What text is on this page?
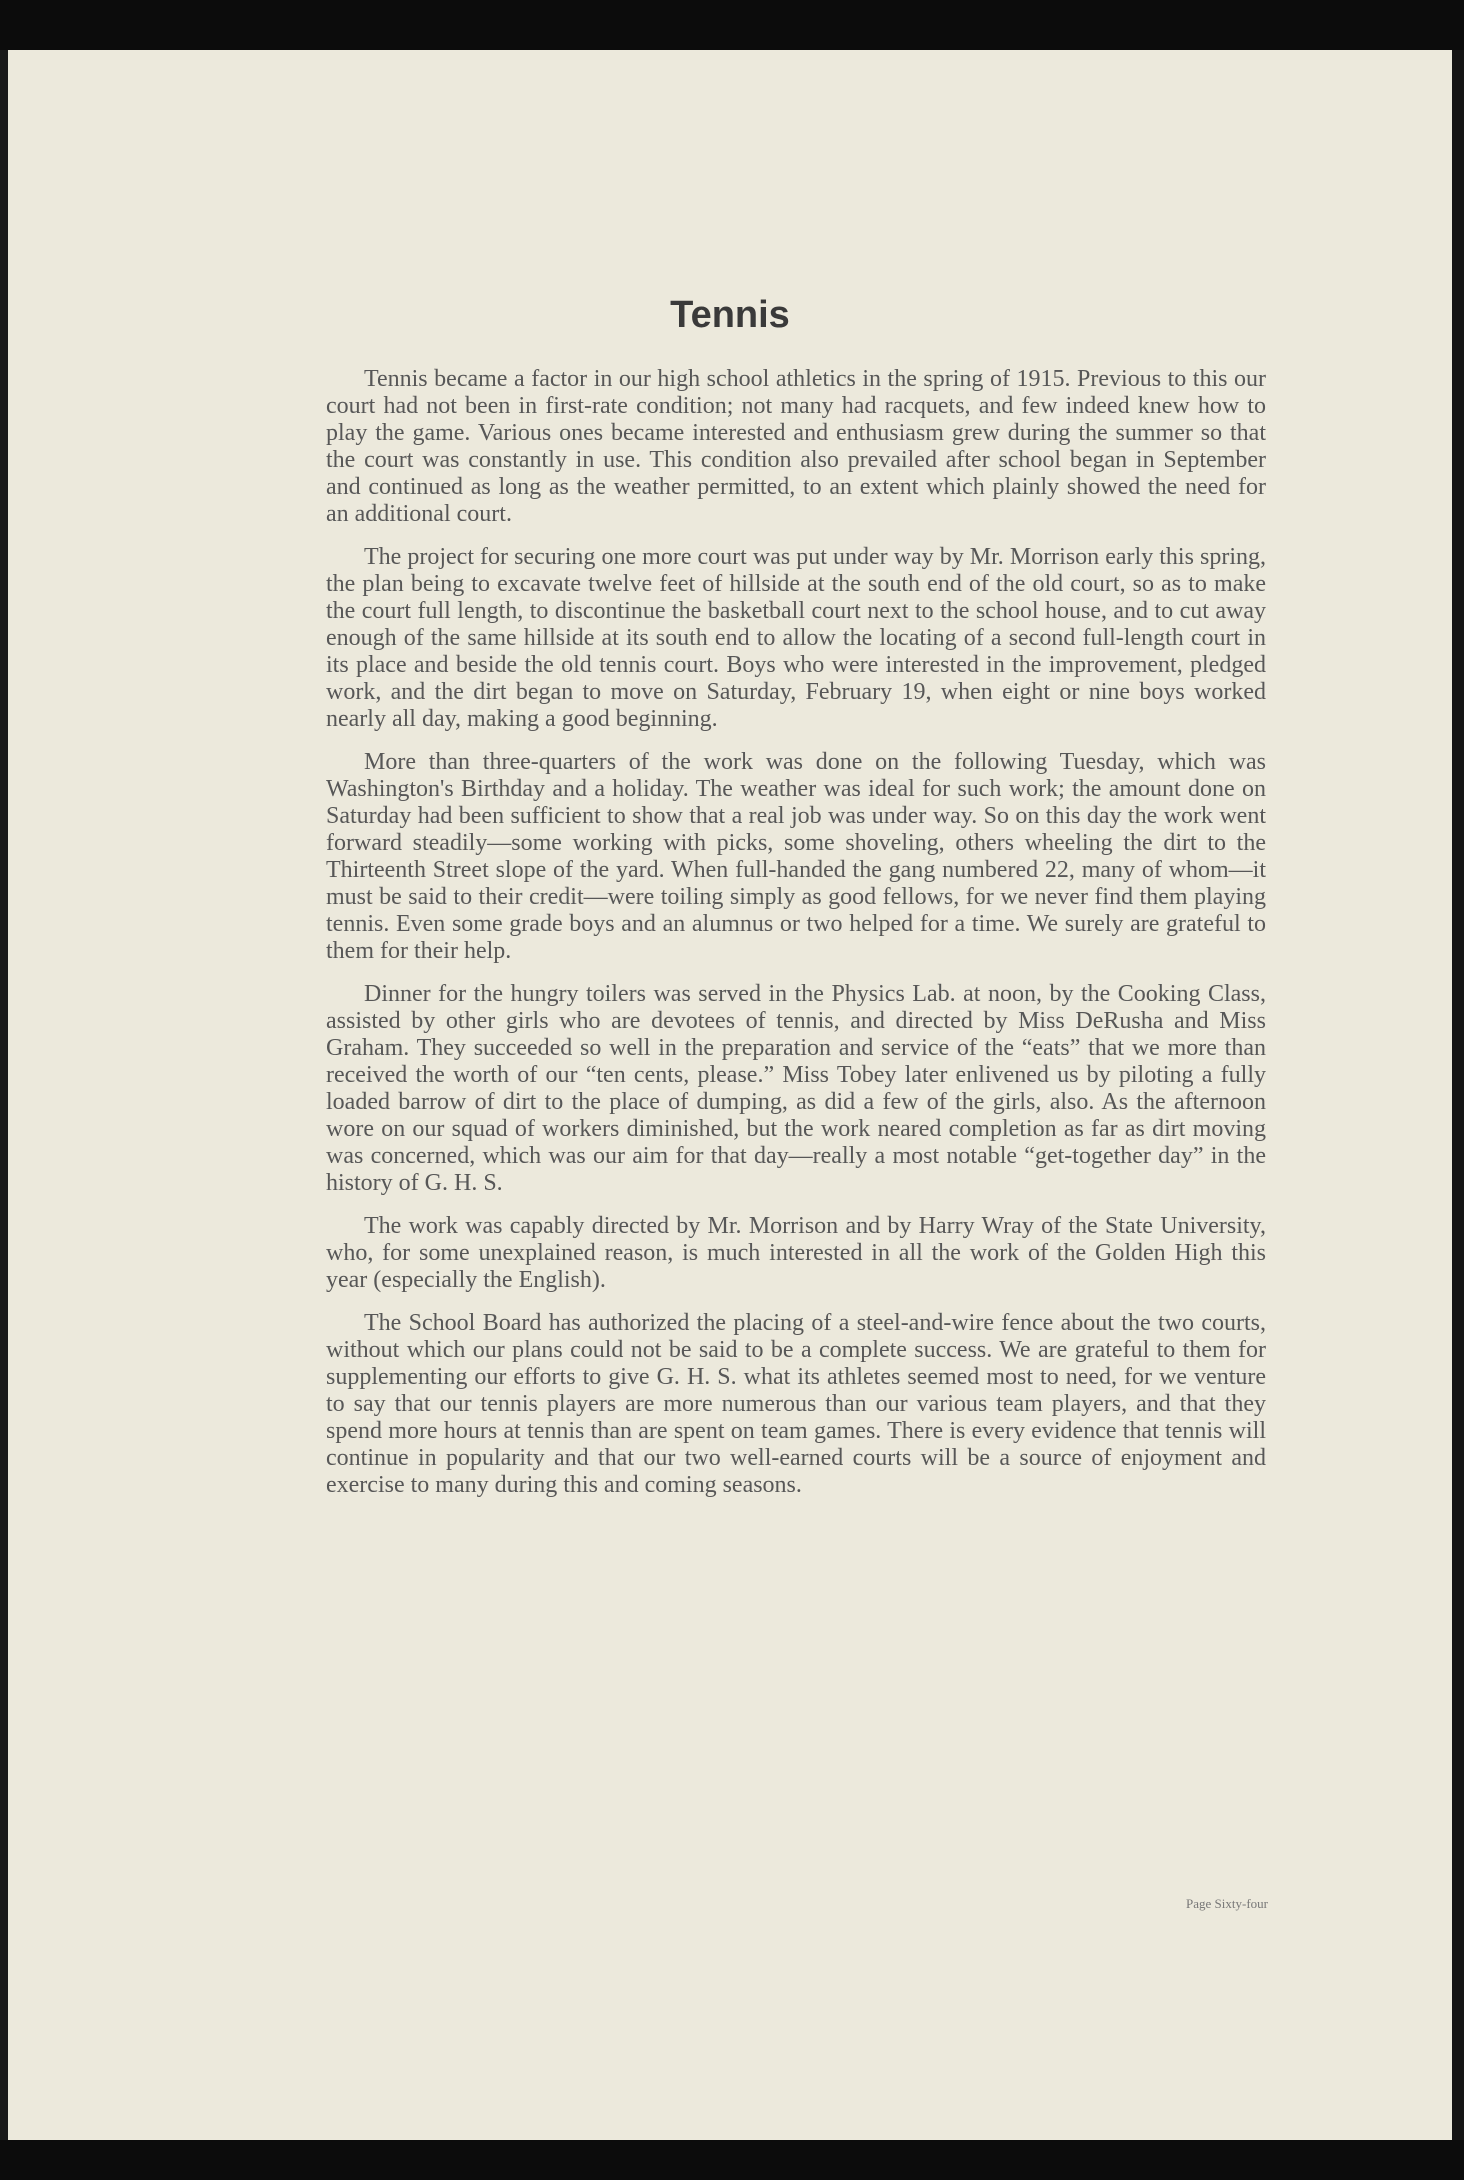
Tennis

Tennis became a factor in our high school athletics in the spring of 1915. Previous to this our court had not been in first-rate condition; not many had racquets, and few indeed knew how to play the game. Various ones became interested and enthusiasm grew during the summer so that the court was constantly in use. This condition also prevailed after school began in September and continued as long as the weather permitted, to an extent which plainly showed the need for an additional court.

The project for securing one more court was put under way by Mr. Morrison early this spring, the plan being to excavate twelve feet of hillside at the south end of the old court, so as to make the court full length, to discontinue the basketball court next to the school house, and to cut away enough of the same hillside at its south end to allow the locating of a second full-length court in its place and beside the old tennis court. Boys who were interested in the improvement, pledged work, and the dirt began to move on Saturday, February 19, when eight or nine boys worked nearly all day, making a good beginning.

More than three-quarters of the work was done on the following Tuesday, which was Washington's Birthday and a holiday. The weather was ideal for such work; the amount done on Saturday had been sufficient to show that a real job was under way. So on this day the work went forward steadily—some working with picks, some shoveling, others wheeling the dirt to the Thirteenth Street slope of the yard. When full-handed the gang numbered 22, many of whom—it must be said to their credit—were toiling simply as good fellows, for we never find them playing tennis. Even some grade boys and an alumnus or two helped for a time. We surely are grateful to them for their help.

Dinner for the hungry toilers was served in the Physics Lab. at noon, by the Cooking Class, assisted by other girls who are devotees of tennis, and directed by Miss DeRusha and Miss Graham. They succeeded so well in the preparation and service of the “eats” that we more than received the worth of our “ten cents, please.” Miss Tobey later enlivened us by piloting a fully loaded barrow of dirt to the place of dumping, as did a few of the girls, also. As the afternoon wore on our squad of workers diminished, but the work neared completion as far as dirt moving was concerned, which was our aim for that day—really a most notable “get-together day” in the history of G. H. S.

The work was capably directed by Mr. Morrison and by Harry Wray of the State University, who, for some unexplained reason, is much interested in all the work of the Golden High this year (especially the English).

The School Board has authorized the placing of a steel-and-wire fence about the two courts, without which our plans could not be said to be a complete success. We are grateful to them for supplementing our efforts to give G. H. S. what its athletes seemed most to need, for we venture to say that our tennis players are more numerous than our various team players, and that they spend more hours at tennis than are spent on team games. There is every evidence that tennis will continue in popularity and that our two well-earned courts will be a source of enjoyment and exercise to many during this and coming seasons.

Page Sixty-four
